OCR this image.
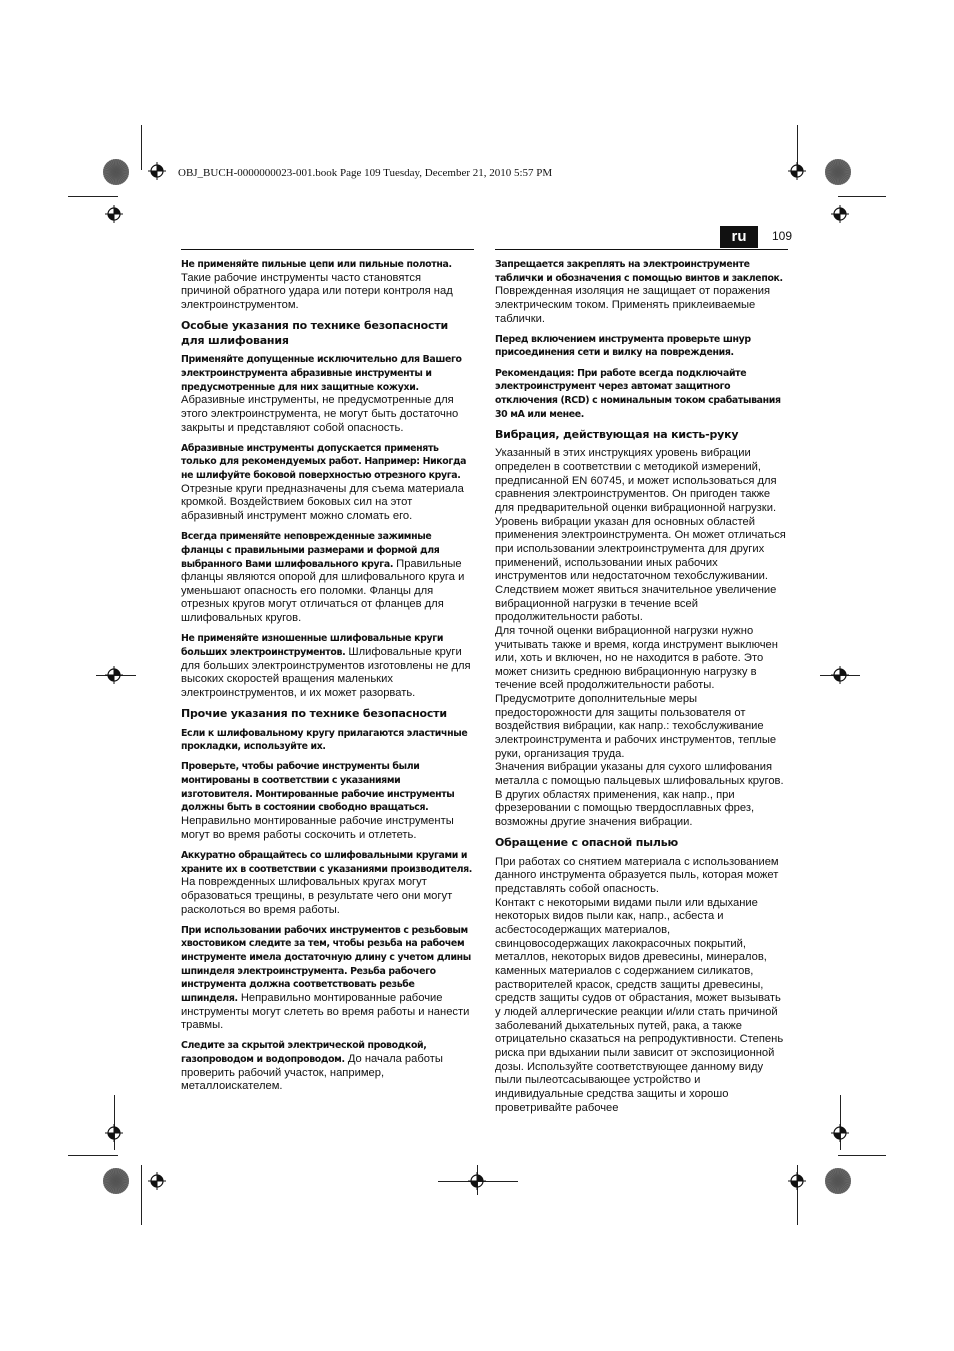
OBJ_BUCH-0000000023-001.book Page 109 Tuesday, December 21, 2010 5:57 PM
ru	109

Не применяйте пильные цепи или пильные полотна. Такие рабочие инструменты часто становятся причиной обратного удара или потери контроля над электроинструментом.

Особые указания по технике безопасности для шлифования

Применяйте допущенные исключительно для Вашего электроинструмента абразивные инструменты и предусмотренные для них защитные кожухи. Абразивные инструменты, не предусмотренные для этого электроинструмента, не могут быть достаточно закрыты и представляют собой опасность.

Абразивные инструменты допускается применять только для рекомендуемых работ. Например: Никогда не шлифуйте боковой поверхностью отрезного круга. Отрезные круги предназначены для съема материала кромкой. Воздействием боковых сил на этот абразивный инструмент можно сломать его.

Всегда применяйте неповрежденные зажимные фланцы с правильными размерами и формой для выбранного Вами шлифовального круга. Правильные фланцы являются опорой для шлифовального круга и уменьшают опасность его поломки. Фланцы для отрезных кругов могут отличаться от фланцев для шлифовальных кругов.

Не применяйте изношенные шлифовальные круги больших электроинструментов. Шлифовальные круги для больших электроинструментов изготовлены не для высоких скоростей вращения маленьких электроинструментов, и их может разорвать.

Прочие указания по технике безопасности

Если к шлифовальному кругу прилагаются эластичные прокладки, используйте их.

Проверьте, чтобы рабочие инструменты были монтированы в соответствии с указаниями изготовителя. Монтированные рабочие инструменты должны быть в состоянии свободно вращаться. Неправильно монтированные рабочие инструменты могут во время работы соскочить и отлететь.

Аккуратно обращайтесь со шлифовальными кругами и храните их в соответствии с указаниями производителя. На поврежденных шлифовальных кругах могут образоваться трещины, в результате чего они могут расколоться во время работы.

При использовании рабочих инструментов с резьбовым хвостовиком следите за тем, чтобы резьба на рабочем инструменте имела достаточную длину с учетом длины шпинделя электроинструмента. Резьба рабочего инструмента должна соответствовать резьбе шпинделя. Неправильно монтированные рабочие инструменты могут слететь во время работы и нанести травмы.

Следите за скрытой электрической проводкой, газопроводом и водопроводом. До начала работы проверить рабочий участок, например, металлоискателем.

Запрещается закреплять на электроинструменте таблички и обозначения с помощью винтов и заклепок. Поврежденная изоляция не защищает от поражения электрическим током. Применять приклеиваемые таблички.

Перед включением инструмента проверьте шнур присоединения сети и вилку на повреждения.

Рекомендация: При работе всегда подключайте электроинструмент через автомат защитного отключения (RCD) с номинальным током срабатывания 30 мА или менее.

Вибрация, действующая на кисть-руку

Указанный в этих инструкциях уровень вибрации определен в соответствии с методикой измерений, предписанной EN 60745, и может использоваться для сравнения электроинструментов. Он пригоден также для предварительной оценки вибрационной нагрузки.

Уровень вибрации указан для основных областей применения электроинструмента. Он может отличаться при использовании электроинструмента для других применений, использовании иных рабочих инструментов или недостаточном техобслуживании. Следствием может явиться значительное увеличение вибрационной нагрузки в течение всей продолжительности работы.

Для точной оценки вибрационной нагрузки нужно учитывать также и время, когда инструмент выключен или, хоть и включен, но не находится в работе. Это может снизить среднюю вибрационную нагрузку в течение всей продолжительности работы.

Предусмотрите дополнительные меры предосторожности для защиты пользователя от воздействия вибрации, как напр.: техобслуживание электроинструмента и рабочих инструментов, теплые руки, организация труда.

Значения вибрации указаны для сухого шлифования металла с помощью пальцевых шлифовальных кругов. В других областях применения, как напр., при фрезеровании с помощью твердосплавных фрез, возможны другие значения вибрации.

Обращение с опасной пылью

При работах со снятием материала с использованием данного инструмента образуется пыль, которая может представлять собой опасность.

Контакт с некоторыми видами пыли или вдыхание некоторых видов пыли как, напр., асбеста и асбестосодержащих материалов, свинцовосодержащих лакокрасочных покрытий, металлов, некоторых видов древесины, минералов, каменных материалов с содержанием силикатов, растворителей красок, средств защиты древесины, средств защиты судов от обрастания, может вызывать у людей аллергические реакции и/или стать причиной заболеваний дыхательных путей, рака, а также отрицательно сказаться на репродуктивности. Степень риска при вдыхании пыли зависит от экспозиционной дозы. Используйте соответствующее данному виду пыли пылеотсасывающее устройство и индивидуальные средства защиты и хорошо проветривайте рабочее
